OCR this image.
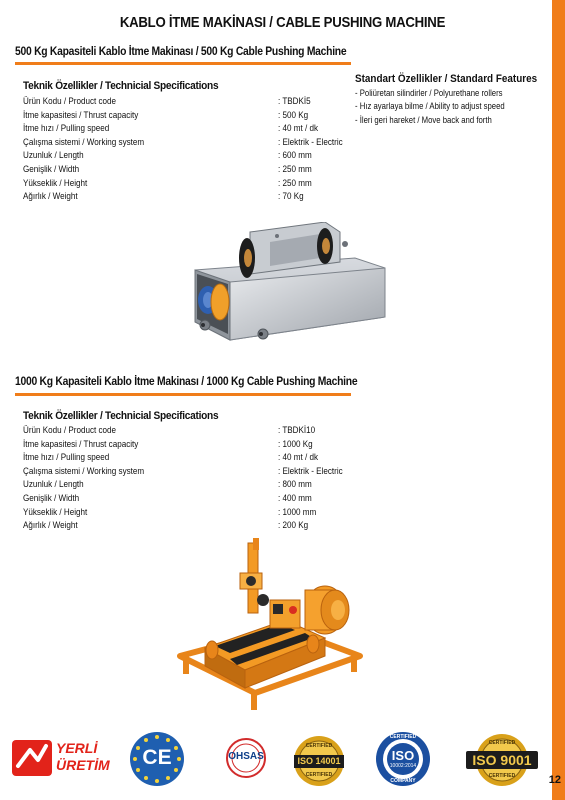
KABLO İTME MAKİNASI / CABLE PUSHING MACHINE
500 Kg Kapasiteli Kablo İtme Makinası / 500 Kg Cable Pushing Machine
Teknik Özellikler / Technicial Specifications
Ürün Kodu / Product code	: TBDKİ5
İtme kapasitesi / Thrust capacity	: 500 Kg
İtme hızı / Pulling speed	: 40 mt / dk
Çalışma sistemi / Working system	: Elektrik - Electric
Uzunluk / Length	: 600 mm
Genişlik / Width	: 250 mm
Yükseklik / Height	: 250 mm
Ağırlık / Weight	: 70 Kg
Standart Özellikler / Standard Features
- Poliüretan silindirler / Polyurethane rollers
- Hız ayarlaya bilme / Ability to adjust speed
- İleri geri hareket / Move back and forth
1000 Kg Kapasiteli Kablo İtme Makinası / 1000 Kg Cable Pushing Machine
Teknik Özellikler / Technicial Specifications
Ürün Kodu / Product code	: TBDKİ10
İtme kapasitesi / Thrust capacity	: 1000 Kg
İtme hızı / Pulling speed	: 40 mt / dk
Çalışma sistemi / Working system	: Elektrik - Electric
Uzunluk / Length	: 800 mm
Genişlik / Width	: 400 mm
Yükseklik / Height	: 1000 mm
Ağırlık / Weight	: 200 Kg
YERLİ
ÜRETİM	CE	OHSAS
CERTIFIED
ISO 14001
CERTIFIED
CERTIFIED
ISO
10002:2014
COMPANY
CERTIFIED
ISO 9001
CERTIFIED	12
